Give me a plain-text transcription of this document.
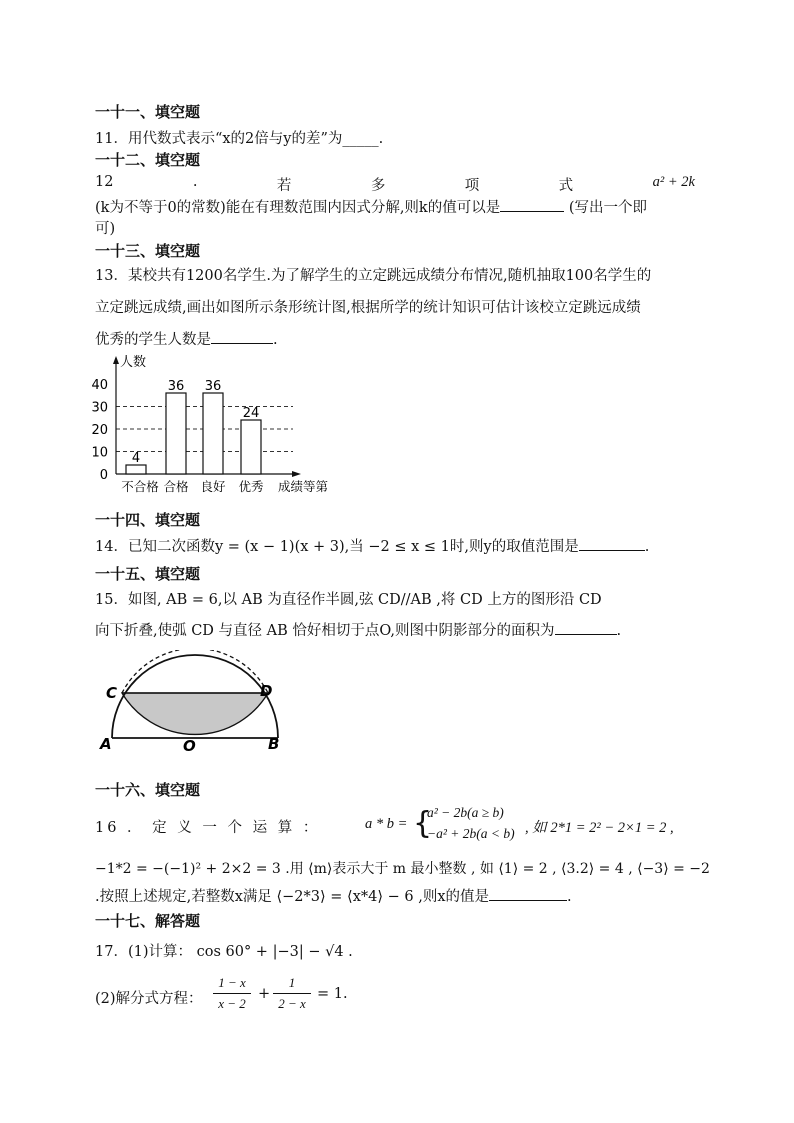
一十一、填空题
11．用代数式表示“x的2倍与y的差”为_____.
一十二、填空题
12	.	若	多	项	式	a² + 2k
(k为不等于0的常数)能在有理数范围内因式分解,则k的值可以是	(写出一个即
可)
一十三、填空题
13．某校共有1200名学生.为了解学生的立定跳远成绩分布情况,随机抽取100名学生的
立定跳远成绩,画出如图所示条形统计图,根据所学的统计知识可估计该校立定跳远成绩
优秀的学生人数是	.
人数
0
10
20
30
40
4
不合格
36
合格
36
良好
24
优秀 成绩等第
一十四、填空题
14．已知二次函数y = (x − 1)(x + 3),当 −2 ≤ x ≤ 1时,则y的取值范围是	.
一十五、填空题
15．如图, AB = 6,以 AB 为直径作半圆,弦 CD//AB ,将 CD 上方的图形沿 CD
向下折叠,使弧 CD 与直径 AB 恰好相切于点O,则图中阴影部分的面积为	.
C	D
A	O	B
一十六、填空题
16 ． 定 义 一 个 运 算 ：	a * b = {
a² − 2b(a ≥ b)
−a² + 2b(a < b) , 如 2*1 = 2² − 2×1 = 2 ,
−1*2 = −(−1)² + 2×2 = 3 .用 ⟨m⟩表示大于 m 最小整数 , 如 ⟨1⟩ = 2 , ⟨3.2⟩ = 4 , ⟨−3⟩ = −2
.按照上述规定,若整数x满足 ⟨−2*3⟩ = ⟨x*4⟩ − 6 ,则x的值是	.
一十七、解答题
17．(1)计算： cos 60° + |−3| − √4 .
(2)解分式方程：
1 − x
x − 2
+
1
2 − x
= 1.
